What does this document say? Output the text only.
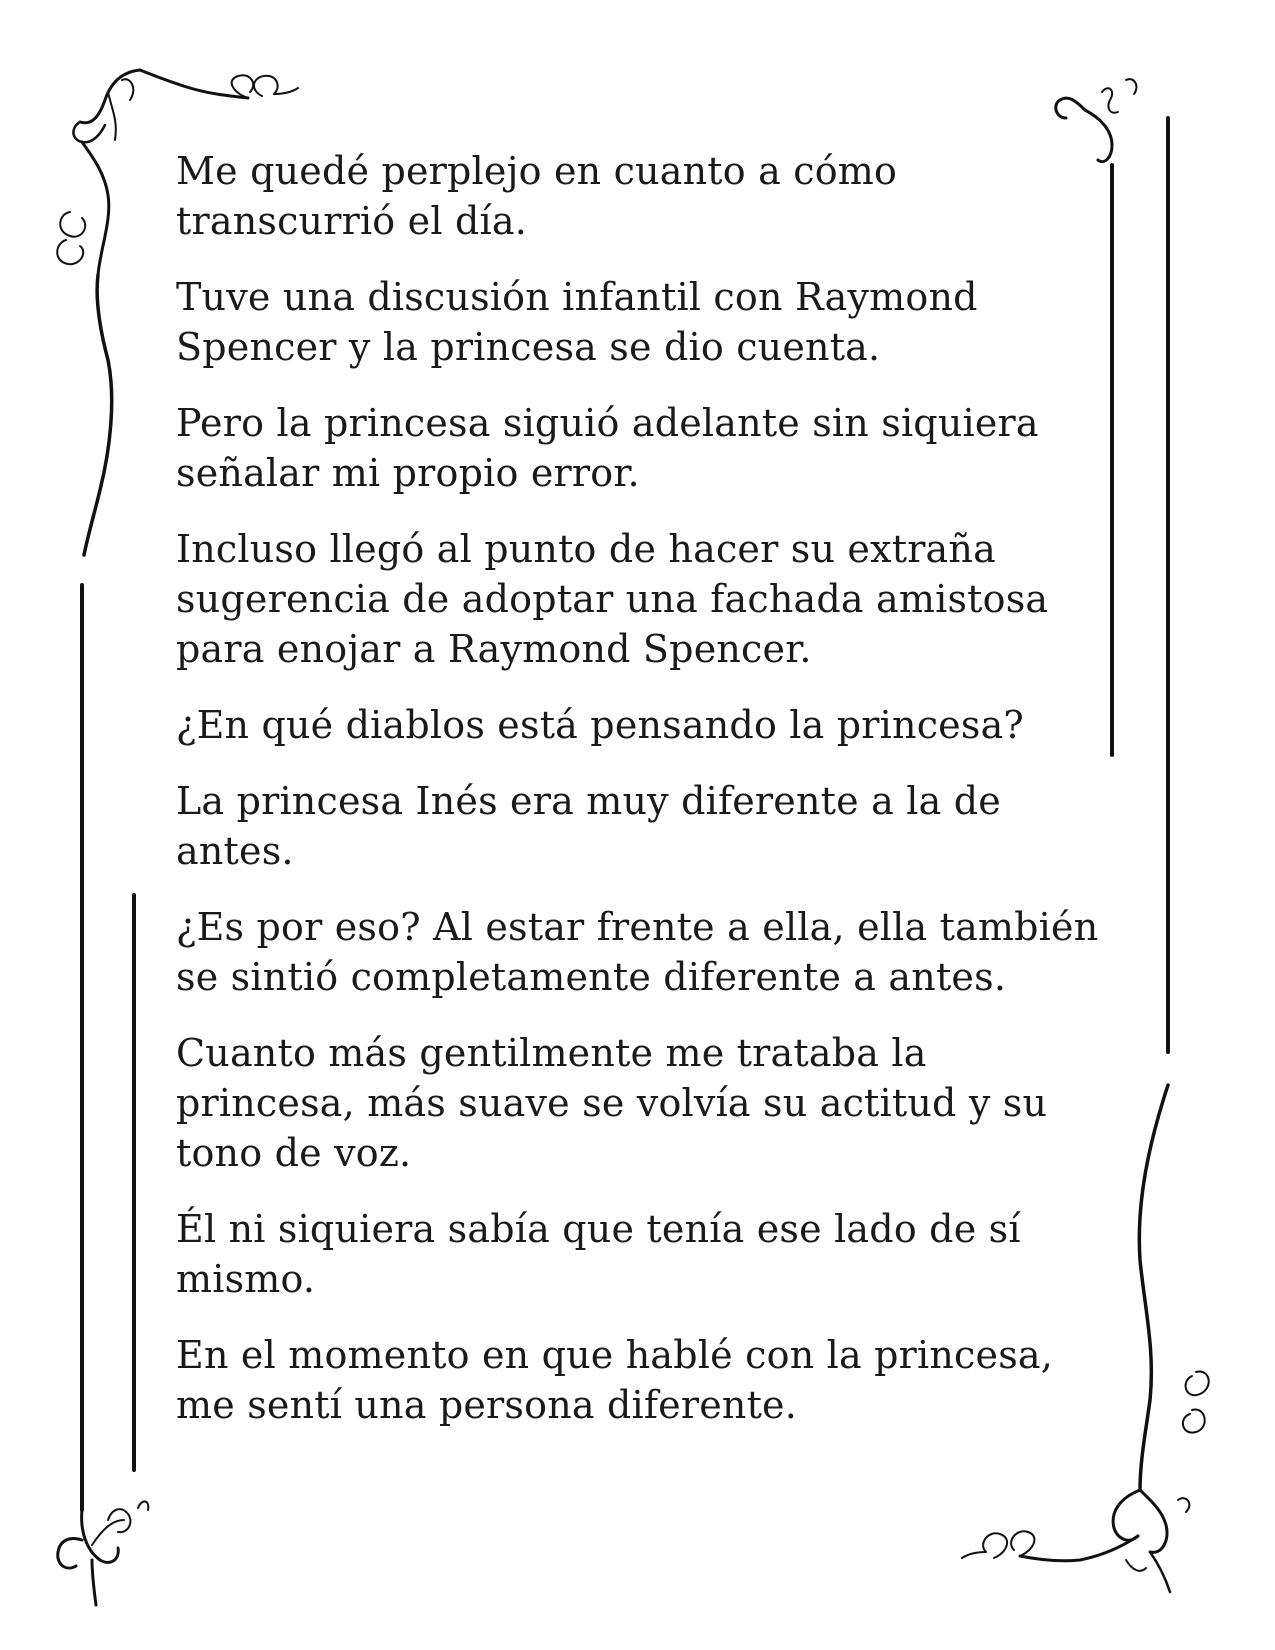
Me quedé perplejo en cuanto a cómo transcurrió el día.

Tuve una discusión infantil con Raymond Spencer y la princesa se dio cuenta.

Pero la princesa siguió adelante sin siquiera señalar mi propio error.

Incluso llegó al punto de hacer su extraña sugerencia de adoptar una fachada amistosa para enojar a Raymond Spencer.

¿En qué diablos está pensando la princesa?

La princesa Inés era muy diferente a la de antes.

¿Es por eso? Al estar frente a ella, ella también se sintió completamente diferente a antes.

Cuanto más gentilmente me trataba la princesa, más suave se volvía su actitud y su tono de voz.

Él ni siquiera sabía que tenía ese lado de sí mismo.

En el momento en que hablé con la princesa, me sentí una persona diferente.
